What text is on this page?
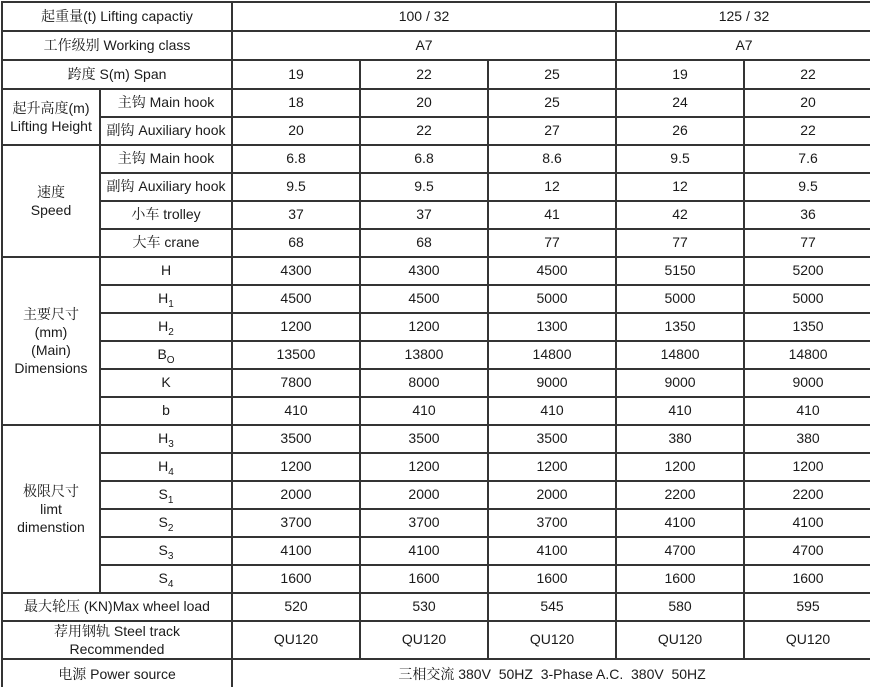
起重量(t) Lifting capactiy		100 / 32			125 / 32	
工作级别 Working class		A7			A7	
跨度 S(m) Span		19	22	25	19	22

起升高度(m)
Lifting Height	主钩 Main hook	18	20	25	24	20
	副钩 Auxiliary hook	20	22	27	26	22

速度
Speed	主钩 Main hook	6.8	6.8	8.6	9.5	7.6
	副钩 Auxiliary hook	9.5	9.5	12	12	9.5
	小车 trolley	37	37	41	42	36
	大车 crane	68	68	77	77	77

主要尺寸
(mm)
(Main)
Dimensions	H	4300	4300	4500	5150	5200
	$H_1$	4500	4500	5000	5000	5000
	$H_2$	1200	1200	1300	1350	1350
	$B_O$	13500	13800	14800	14800	14800
	K	7800	8000	9000	9000	9000
	b	410	410	410	410	410

极限尺寸
limt
dimenstion	$H_3$	3500	3500	3500	380	380
	$H_4$	1200	1200	1200	1200	1200
	$S_1$	2000	2000	2000	2200	2200
	$S_2$	3700	3700	3700	4100	4100
	$S_3$	4100	4100	4100	4700	4700
	$S_4$	1600	1600	1600	1600	1600
最大轮压 (KN)Max wheel load		520	530	545	580	595

荐用钢轨 Steel track
Recommended		QU120	QU120	QU120	QU120	QU120
电源 Power source		三相交流 380V  50HZ  3-Phase A.C.  380V  50HZ				
